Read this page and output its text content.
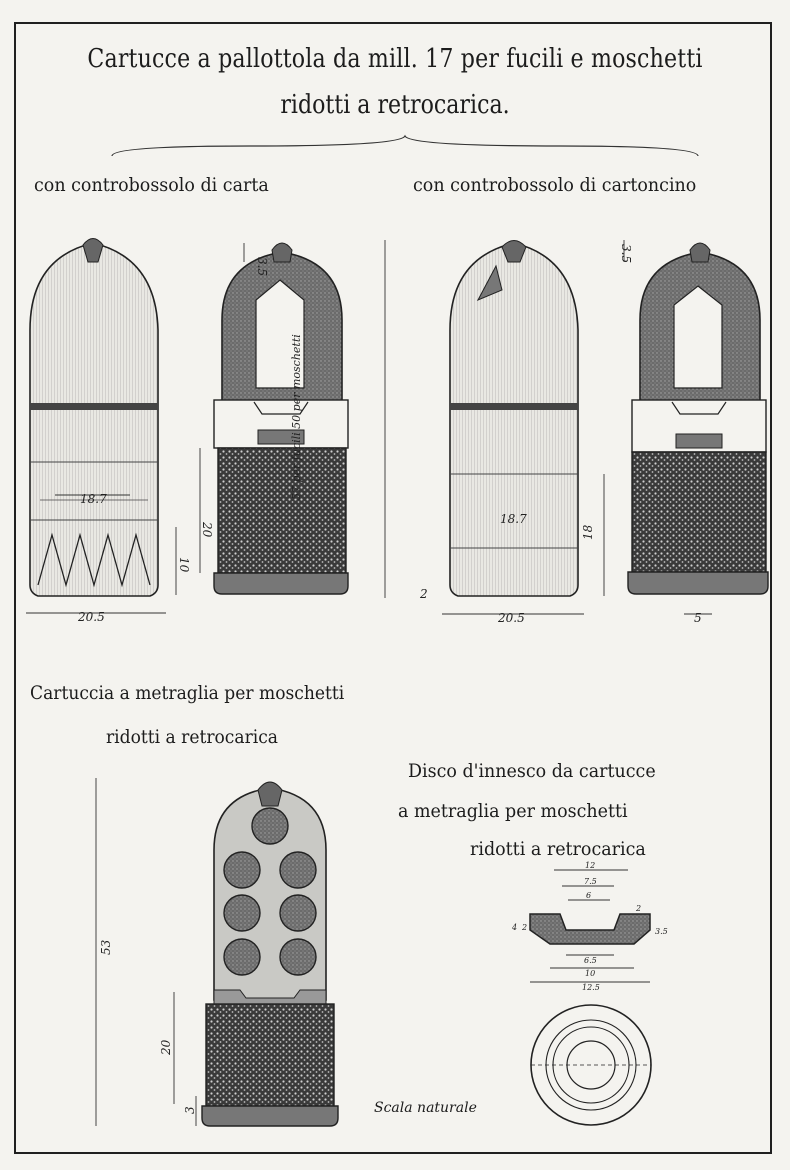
Cartucce a pallottola da mill. 17 per fucili e moschetti
ridotti a retrocarica.
18.7
20.5
3.5
20
10
57 per fucili 50 per moschetti
18.7
20.5
3.5
18
5
2
53
20
3
12
7.5
6
2
3.5
4 2
6.5
10
12.5
con controbossolo di carta	con controbossolo di cartoncino
Cartuccia a metraglia per moschetti
ridotti a retrocarica
Disco d'innesco da cartucce
a metraglia per moschetti
ridotti a retrocarica
Scala naturale
